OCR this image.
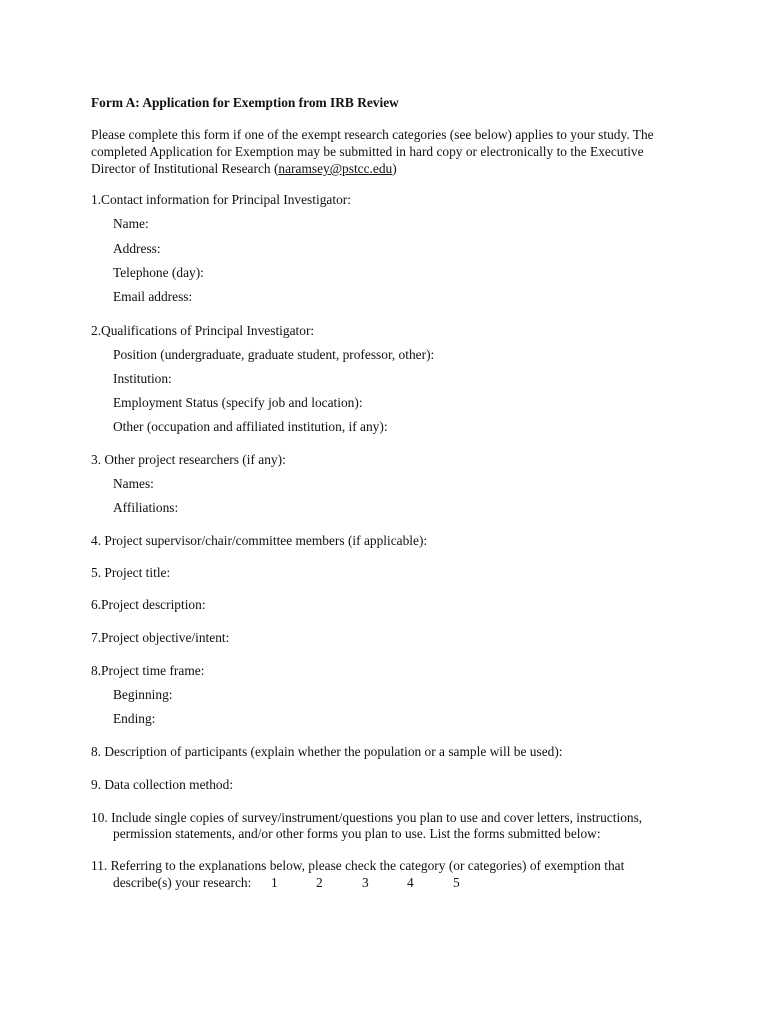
Form A: Application for Exemption from IRB Review
Please complete this form if one of the exempt research categories (see below) applies to your study. The
completed Application for Exemption may be submitted in hard copy or electronically to the Executive
Director of Institutional Research (naramsey@pstcc.edu)
1.Contact information for Principal Investigator:
Name:
Address:
Telephone (day):
Email address:
2.Qualifications of Principal Investigator:
Position (undergraduate, graduate student, professor, other):
Institution:
Employment Status (specify job and location):
Other (occupation and affiliated institution, if any):
3. Other project researchers (if any):
Names:
Affiliations:
4. Project supervisor/chair/committee members (if applicable):
5. Project title:
6.Project description:
7.Project objective/intent:
8.Project time frame:
Beginning:
Ending:
8. Description of participants (explain whether the population or a sample will be used):
9. Data collection method:
10. Include single copies of survey/instrument/questions you plan to use and cover letters, instructions,
permission statements, and/or other forms you plan to use. List the forms submitted below:
11. Referring to the explanations below, please check the category (or categories) of exemption that
describe(s) your research: 1	2	3	4	5
